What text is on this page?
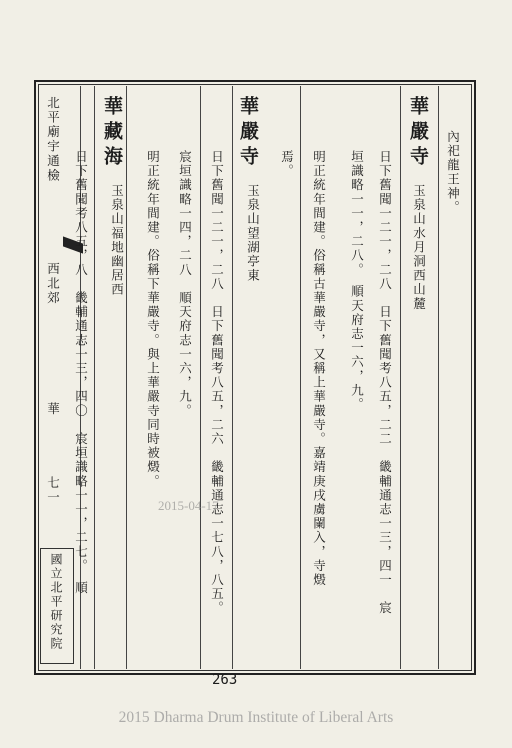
北平廟宇通檢
西北郊
華
七一
國立北平研究院
內祀龍王神。
華嚴寺
玉泉山水月洞西山麓
日下舊聞一二一，二八　日下舊聞考八五，二二　畿輔通志一三，四一　宸
垣識略一一，二八。　順天府志一六，九。
明正統年間建。俗稱古華嚴寺，又稱上華嚴寺。嘉靖庚戌虜闌入，寺燬
焉。
華嚴寺
玉泉山望湖亭東
日下舊聞一二一，二八　日下舊聞考八五，二六　畿輔通志一七八，八五。
宸垣識略一四，二八　順天府志一六，九。
明正統年間建。俗稱下華嚴寺。與上華嚴寺同時被燬。
華藏海
玉泉山福地幽居西
日下舊聞考八五，八　畿輔通志一三，四〇　宸垣識略一一，二七。　順
263
2015-04-17
2015 Dharma Drum Institute of Liberal Arts
